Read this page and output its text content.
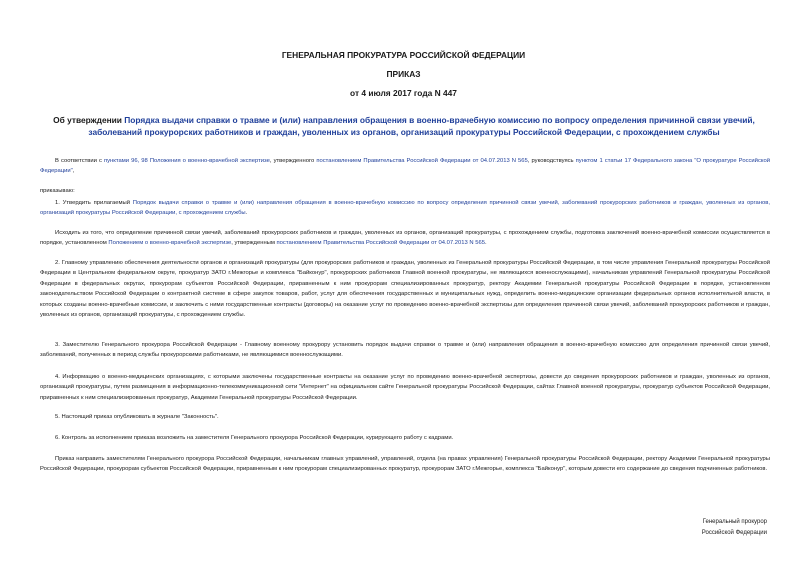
ГЕНЕРАЛЬНАЯ ПРОКУРАТУРА РОССИЙСКОЙ ФЕДЕРАЦИИ
ПРИКАЗ
от 4 июля 2017 года N 447
Об утверждении Порядка выдачи справки о травме и (или) направления обращения в военно-врачебную комиссию по вопросу определения причинной связи увечий, заболеваний прокурорских работников и граждан, уволенных из органов, организаций прокуратуры Российской Федерации, с прохождением службы

В соответствии с пунктами 96, 98 Положения о военно-врачебной экспертизе, утвержденного постановлением Правительства Российской Федерации от 04.07.2013 N 565, руководствуясь пунктом 1 статьи 17 Федерального закона "О прокуратуре Российской Федерации",

приказываю:

1. Утвердить прилагаемый Порядок выдачи справки о травме и (или) направления обращения в военно-врачебную комиссию по вопросу определения причинной связи увечий, заболеваний прокурорских работников и граждан, уволенных из органов, организаций прокуратуры Российской Федерации, с прохождением службы.

Исходить из того, что определение причинной связи увечий, заболеваний прокурорских работников и граждан, уволенных из органов, организаций прокуратуры, с прохождением службы, подготовка заключений военно-врачебной комиссии осуществляется в порядке, установленном Положением о военно-врачебной экспертизе, утвержденным постановлением Правительства Российской Федерации от 04.07.2013 N 565.

2. Главному управлению обеспечения деятельности органов и организаций прокуратуры (для прокурорских работников и граждан, уволенных из Генеральной прокуратуры Российской Федерации, в том числе управления Генеральной прокуратуры Российской Федерации в Центральном федеральном округе, прокуратур ЗАТО г.Межгорье и комплекса "Байконур", прокурорских работников Главной военной прокуратуры, не являющихся военнослужащими), начальникам управлений Генеральной прокуратуры Российской Федерации в федеральных округах, прокурорам субъектов Российской Федерации, приравненным к ним прокурорам специализированных прокуратур, ректору Академии Генеральной прокуратуры Российской Федерации в порядке, установленном законодательством Российской Федерации о контрактной системе в сфере закупок товаров, работ, услуг для обеспечения государственных и муниципальных нужд, определить военно-медицинские организации федеральных органов исполнительной власти, в которых созданы военно-врачебные комиссии, и заключить с ними государственные контракты (договоры) на оказание услуг по проведению военно-врачебной экспертизы для определения причинной связи увечий, заболеваний прокурорских работников и граждан, уволенных из органов, организаций прокуратуры, с прохождением службы.

3. Заместителю Генерального прокурора Российской Федерации - Главному военному прокурору установить порядок выдачи справки о травме и (или) направления обращения в военно-врачебную комиссию для определения причинной связи увечий, заболеваний, полученных в период службы прокурорскими работниками, не являющимися военнослужащими.

4. Информацию о военно-медицинских организациях, с которыми заключены государственные контракты на оказание услуг по проведению военно-врачебной экспертизы, довести до сведения прокурорских работников и граждан, уволенных из органов, организаций прокуратуры, путем размещения в информационно-телекоммуникационной сети "Интернет" на официальном сайте Генеральной прокуратуры Российской Федерации, сайтах Главной военной прокуратуры, прокуратур субъектов Российской Федерации, приравненных к ним специализированных прокуратур, Академии Генеральной прокуратуры Российской Федерации.

5. Настоящий приказ опубликовать в журнале "Законность".

6. Контроль за исполнением приказа возложить на заместителя Генерального прокурора Российской Федерации, курирующего работу с кадрами.

Приказ направить заместителям Генерального прокурора Российской Федерации, начальникам главных управлений, управлений, отдела (на правах управления) Генеральной прокуратуры Российской Федерации, ректору Академии Генеральной прокуратуры Российской Федерации, прокурорам субъектов Российской Федерации, приравненным к ним прокурорам специализированных прокуратур, прокурорам ЗАТО г.Межгорье, комплекса "Байконур", которым довести его содержание до сведения подчиненных работников.

Генеральный прокурор
Российской Федерации
